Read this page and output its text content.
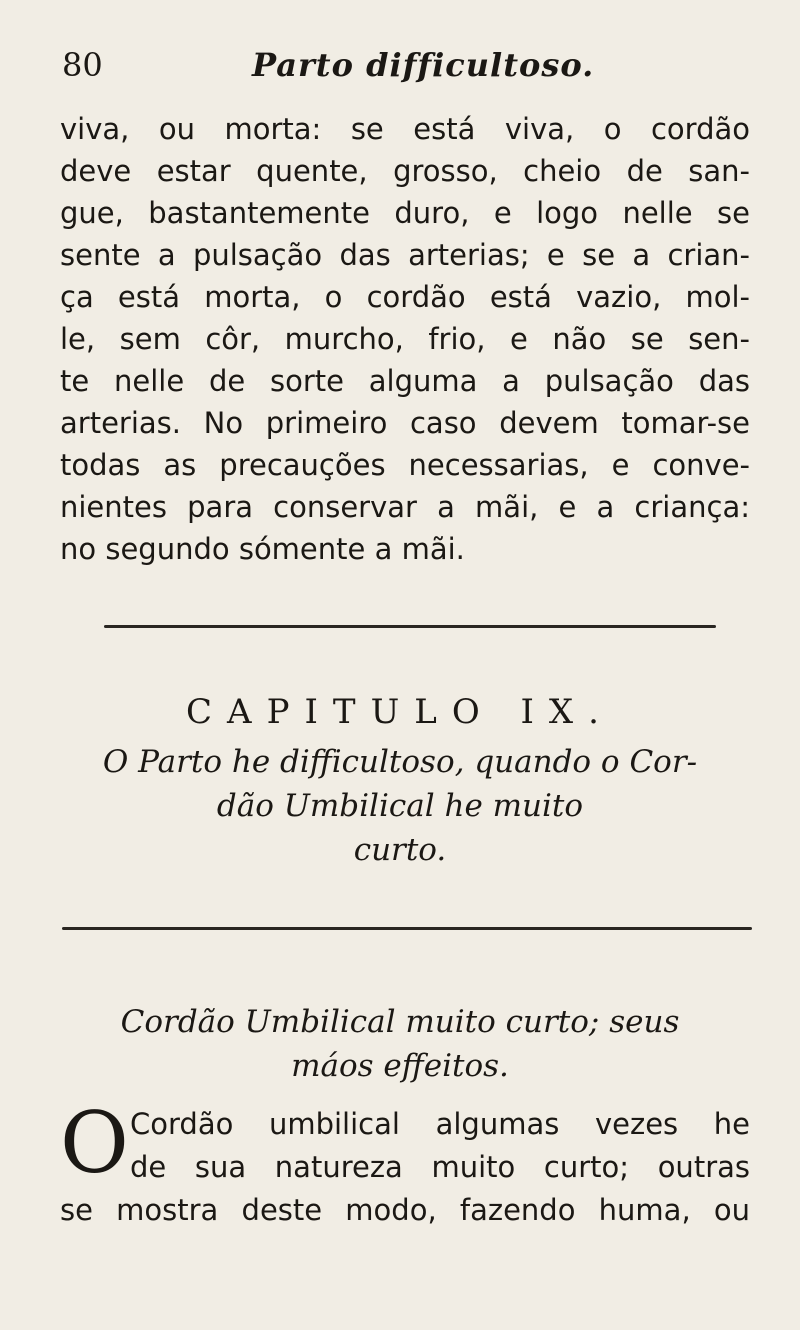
80	Parto difficultoso.
viva, ou morta: se está viva, o cordão
deve estar quente, grosso, cheio de san-
gue, bastantemente duro, e logo nelle se
sente a pulsação das arterias; e se a crian-
ça está morta, o cordão está vazio, mol-
le, sem côr, murcho, frio, e não se sen-
te nelle de sorte alguma a pulsação das
arterias. No primeiro caso devem tomar-se
todas as precauções necessarias, e conve-
nientes para conservar a mãi, e a criança:
no segundo sómente a mãi.
CAPITULO IX.
O Parto he difficultoso, quando o Cor-
dão Umbilical he muito
curto.
Cordão Umbilical muito curto; seus
máos effeitos.
O Cordão umbilical algumas vezes he
de sua natureza muito curto; outras
se mostra deste modo, fazendo huma, ou
